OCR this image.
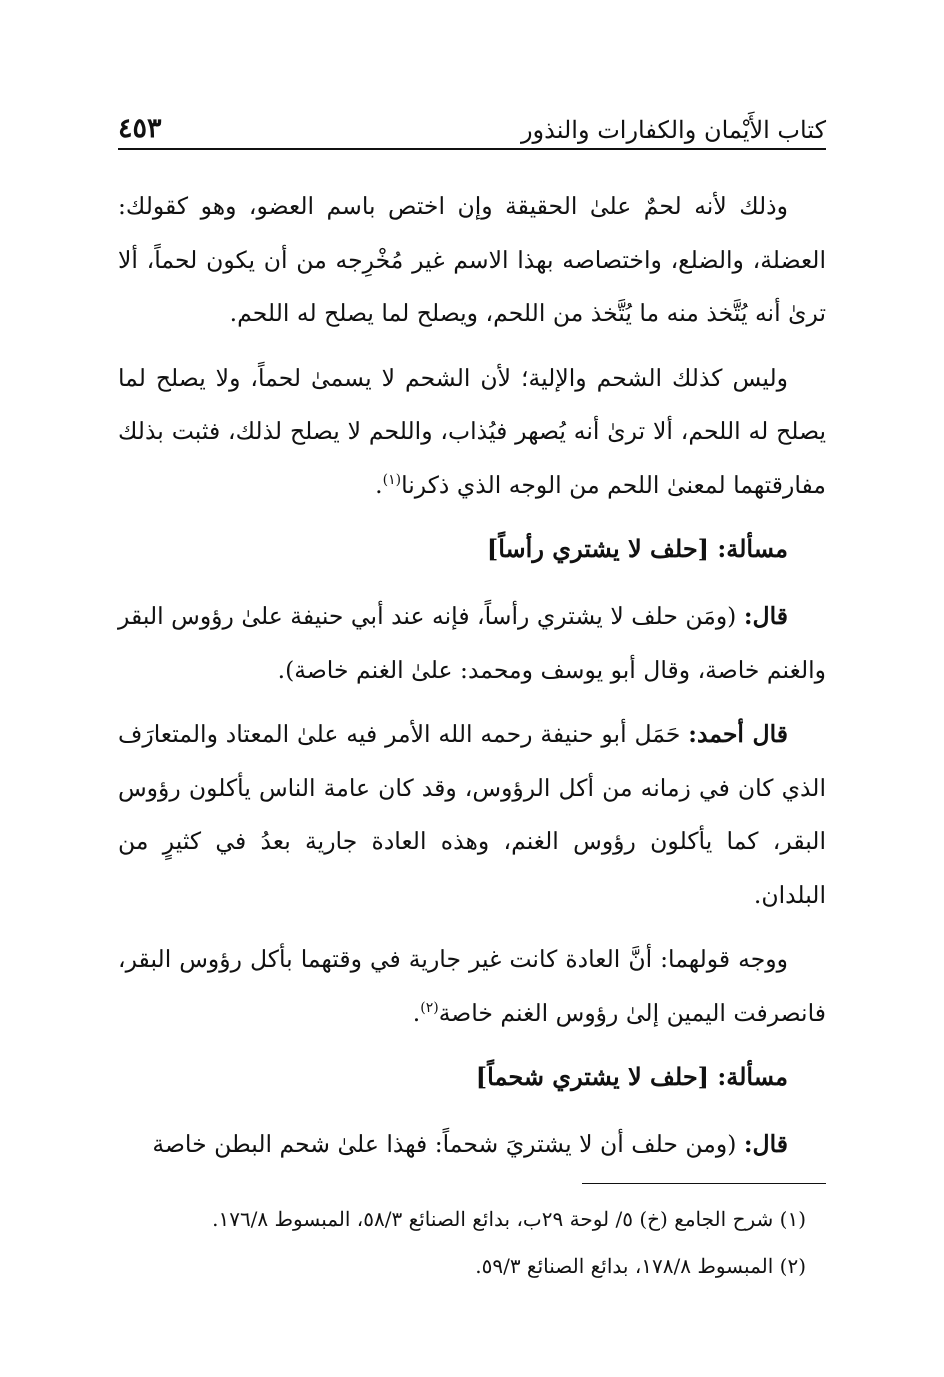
كتاب الأَيْمان والكفارات والنذور
٤٥٣

وذلك لأنه لحمٌ علىٰ الحقيقة وإن اختص باسم العضو، وهو كقولك: العضلة، والضلع، واختصاصه بهذا الاسم غير مُخْرِجه من أن يكون لحماً، ألا ترىٰ أنه يُتَّخذ منه ما يُتَّخذ من اللحم، ويصلح لما يصلح له اللحم.

وليس كذلك الشحم والإلية؛ لأن الشحم لا يسمىٰ لحماً، ولا يصلح لما يصلح له اللحم، ألا ترىٰ أنه يُصهر فيُذاب، واللحم لا يصلح لذلك، فثبت بذلك مفارقتهما لمعنىٰ اللحم من الوجه الذي ذكرنا$^{(١)}$.

مسألة: [حلف لا يشتري رأساً]

قال: (ومَن حلف لا يشتري رأساً، فإنه عند أبي حنيفة علىٰ رؤوس البقر والغنم خاصة، وقال أبو يوسف ومحمد: علىٰ الغنم خاصة).

قال أحمد: حَمَل أبو حنيفة رحمه الله الأمر فيه علىٰ المعتاد والمتعارَف الذي كان في زمانه من أكل الرؤوس، وقد كان عامة الناس يأكلون رؤوس البقر، كما يأكلون رؤوس الغنم، وهذه العادة جارية بعدُ في كثيرٍ من البلدان.

ووجه قولهما: أنَّ العادة كانت غير جارية في وقتهما بأكل رؤوس البقر، فانصرفت اليمين إلىٰ رؤوس الغنم خاصة$^{(٢)}$.

مسألة: [حلف لا يشتري شحماً]

قال: (ومن حلف أن لا يشتريَ شحماً: فهذا علىٰ شحم البطن خاصة

(١) شرح الجامع (خ) ٥/ لوحة ٢٩ب، بدائع الصنائع ٥٨/٣، المبسوط ١٧٦/٨.

(٢) المبسوط ١٧٨/٨، بدائع الصنائع ٥٩/٣.
